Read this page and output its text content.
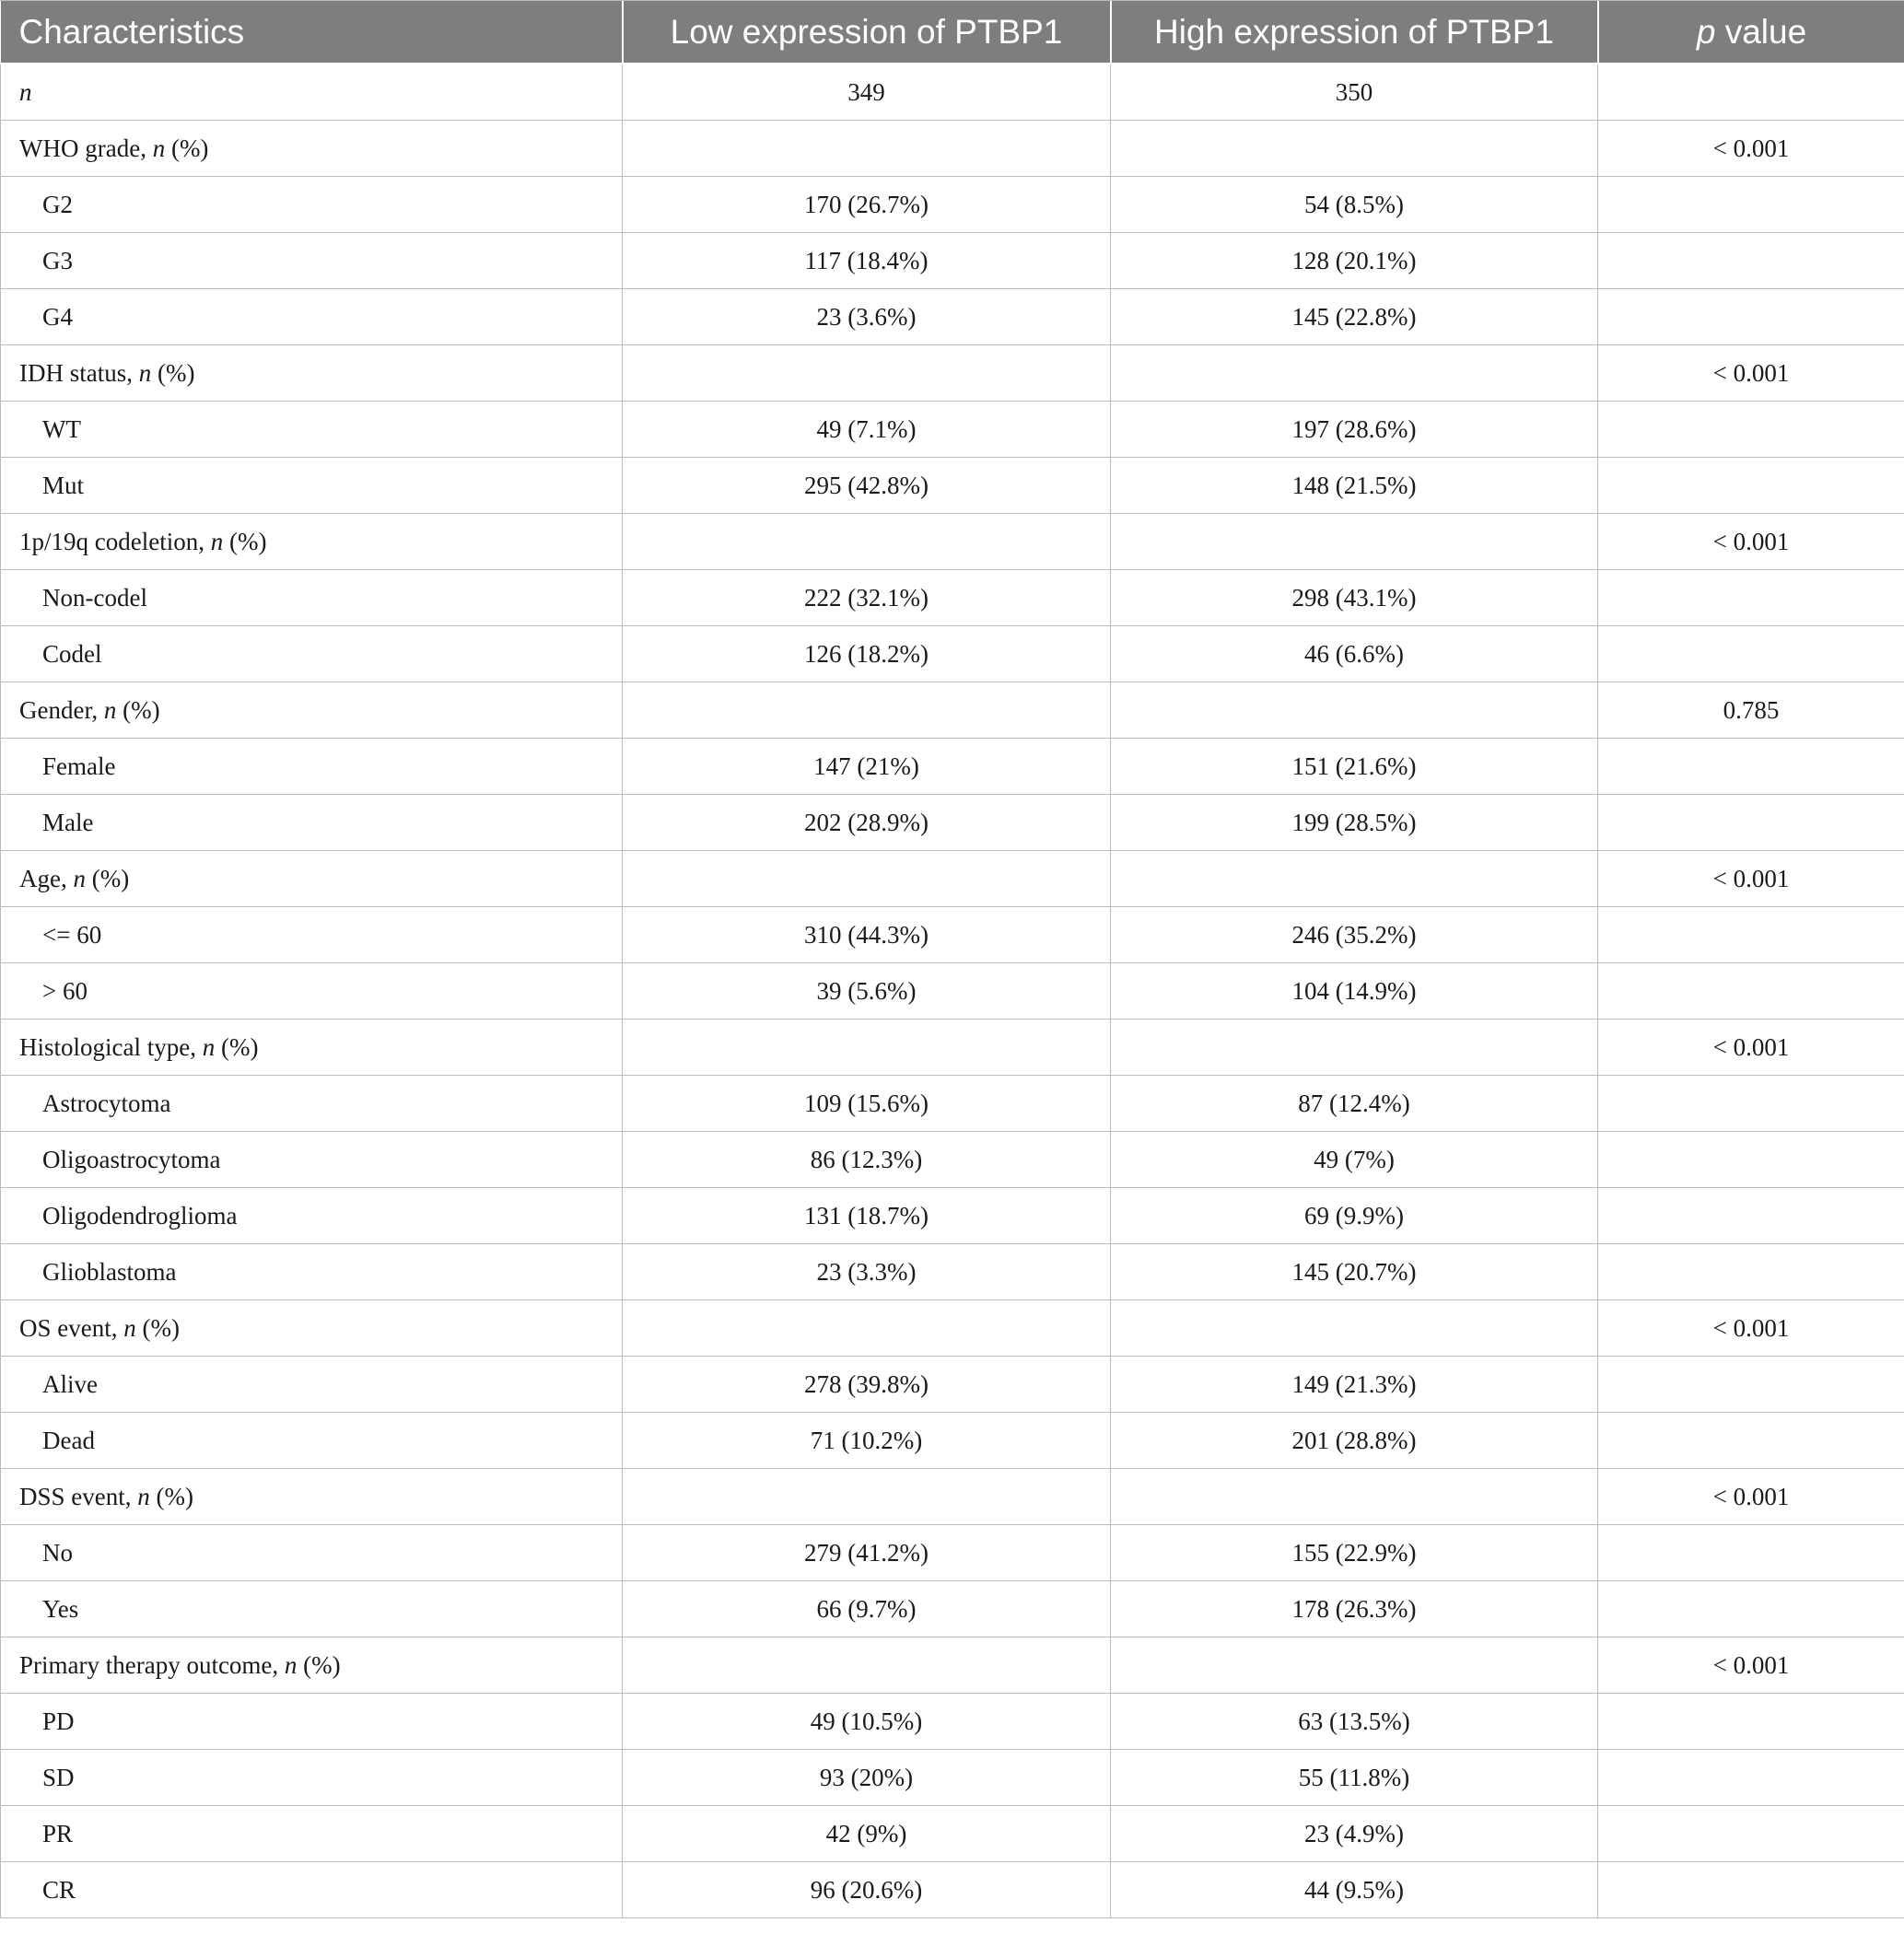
Characteristics	Low expression of PTBP1	High expression of PTBP1	p value
n	349	350	
WHO grade, n (%)			< 0.001
G2	170 (26.7%)	54 (8.5%)	
G3	117 (18.4%)	128 (20.1%)	
G4	23 (3.6%)	145 (22.8%)	
IDH status, n (%)			< 0.001
WT	49 (7.1%)	197 (28.6%)	
Mut	295 (42.8%)	148 (21.5%)	
1p/19q codeletion, n (%)			< 0.001
Non-codel	222 (32.1%)	298 (43.1%)	
Codel	126 (18.2%)	46 (6.6%)	
Gender, n (%)			0.785
Female	147 (21%)	151 (21.6%)	
Male	202 (28.9%)	199 (28.5%)	
Age, n (%)			< 0.001
<= 60	310 (44.3%)	246 (35.2%)	
> 60	39 (5.6%)	104 (14.9%)	
Histological type, n (%)			< 0.001
Astrocytoma	109 (15.6%)	87 (12.4%)	
Oligoastrocytoma	86 (12.3%)	49 (7%)	
Oligodendroglioma	131 (18.7%)	69 (9.9%)	
Glioblastoma	23 (3.3%)	145 (20.7%)	
OS event, n (%)			< 0.001
Alive	278 (39.8%)	149 (21.3%)	
Dead	71 (10.2%)	201 (28.8%)	
DSS event, n (%)			< 0.001
No	279 (41.2%)	155 (22.9%)	
Yes	66 (9.7%)	178 (26.3%)	
Primary therapy outcome, n (%)			< 0.001
PD	49 (10.5%)	63 (13.5%)	
SD	93 (20%)	55 (11.8%)	
PR	42 (9%)	23 (4.9%)	
CR	96 (20.6%)	44 (9.5%)	
